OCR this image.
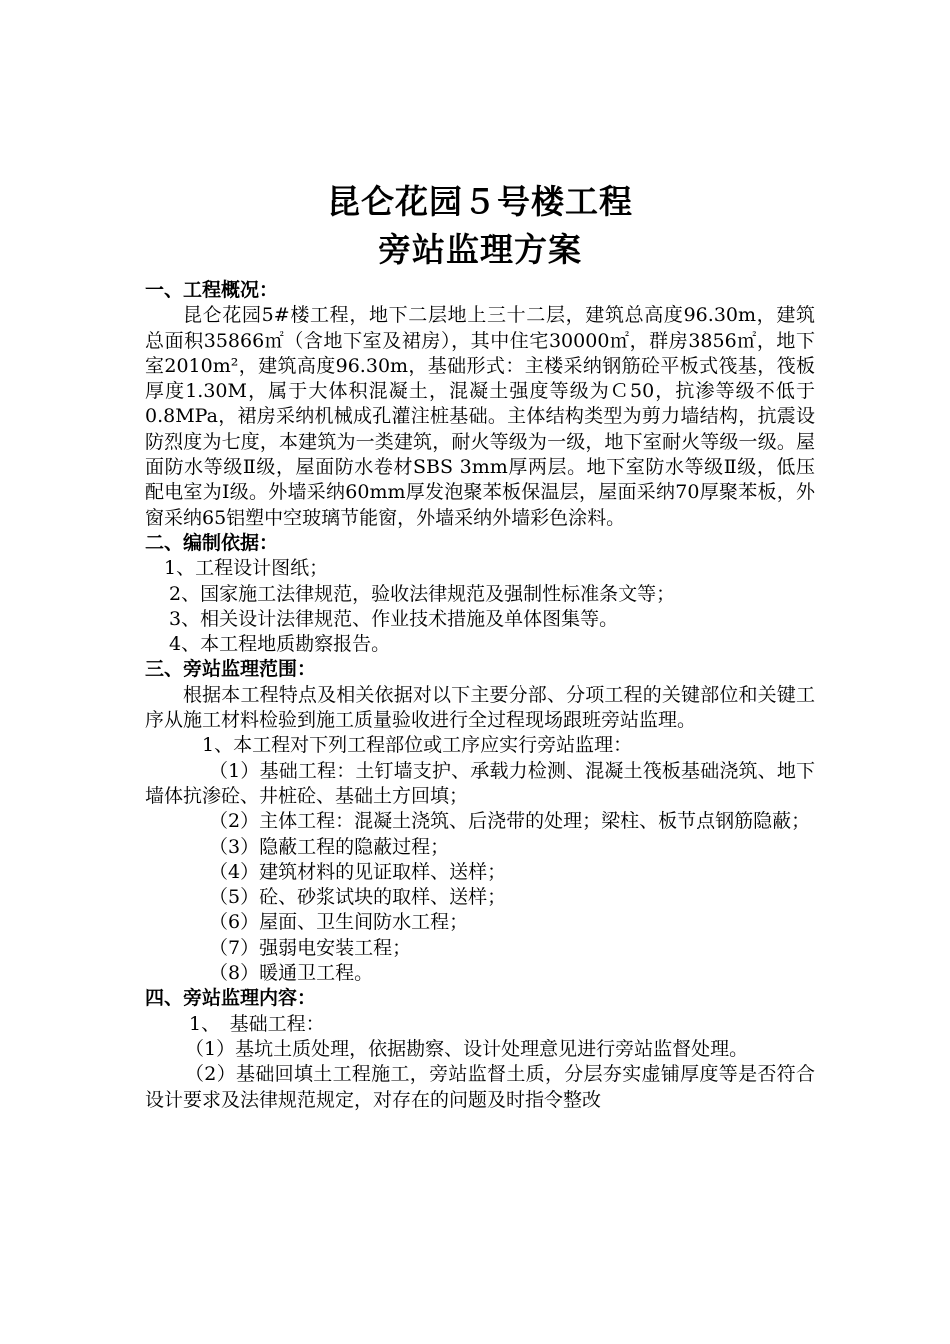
昆仑花园５号楼工程
旁站监理方案
一、工程概况：

昆仑花园5#楼工程，地下二层地上三十二层，建筑总高度96.30m，建筑总面积35866㎡（含地下室及裙房），其中住宅30000㎡，群房3856㎡，地下室2010m²，建筑高度96.30m，基础形式：主楼采纳钢筋砼平板式筏基，筏板厚度1.30M，属于大体积混凝土，混凝土强度等级为Ｃ50，抗渗等级不低于0.8MPa，裙房采纳机械成孔灌注桩基础。主体结构类型为剪力墙结构，抗震设防烈度为七度，本建筑为一类建筑，耐火等级为一级，地下室耐火等级一级。屋面防水等级Ⅱ级，屋面防水卷材SBS 3mm厚两层。地下室防水等级Ⅱ级，低压配电室为Ⅰ级。外墙采纳60mm厚发泡聚苯板保温层，屋面采纳70厚聚苯板，外窗采纳65铝塑中空玻璃节能窗，外墙采纳外墙彩色涂料。

二、编制依据：

1、工程设计图纸；

2、国家施工法律规范，验收法律规范及强制性标准条文等；

3、相关设计法律规范、作业技术措施及单体图集等。

4、本工程地质勘察报告。

三、旁站监理范围：

根据本工程特点及相关依据对以下主要分部、分项工程的关键部位和关键工序从施工材料检验到施工质量验收进行全过程现场跟班旁站监理。

1、本工程对下列工程部位或工序应实行旁站监理：

（1）基础工程：土钉墙支护、承载力检测、混凝土筏板基础浇筑、地下墙体抗渗砼、井桩砼、基础土方回填；

（2）主体工程：混凝土浇筑、后浇带的处理；梁柱、板节点钢筋隐蔽；

（3）隐蔽工程的隐蔽过程；

（4）建筑材料的见证取样、送样；

（5）砼、砂浆试块的取样、送样；

（6）屋面、卫生间防水工程；

（7）强弱电安装工程；

（8）暖通卫工程。

四、旁站监理内容：

1、　基础工程：

（1）基坑土质处理，依据勘察、设计处理意见进行旁站监督处理。

（2）基础回填土工程施工，旁站监督土质，分层夯实虚铺厚度等是否符合设计要求及法律规范规定，对存在的问题及时指令整改
